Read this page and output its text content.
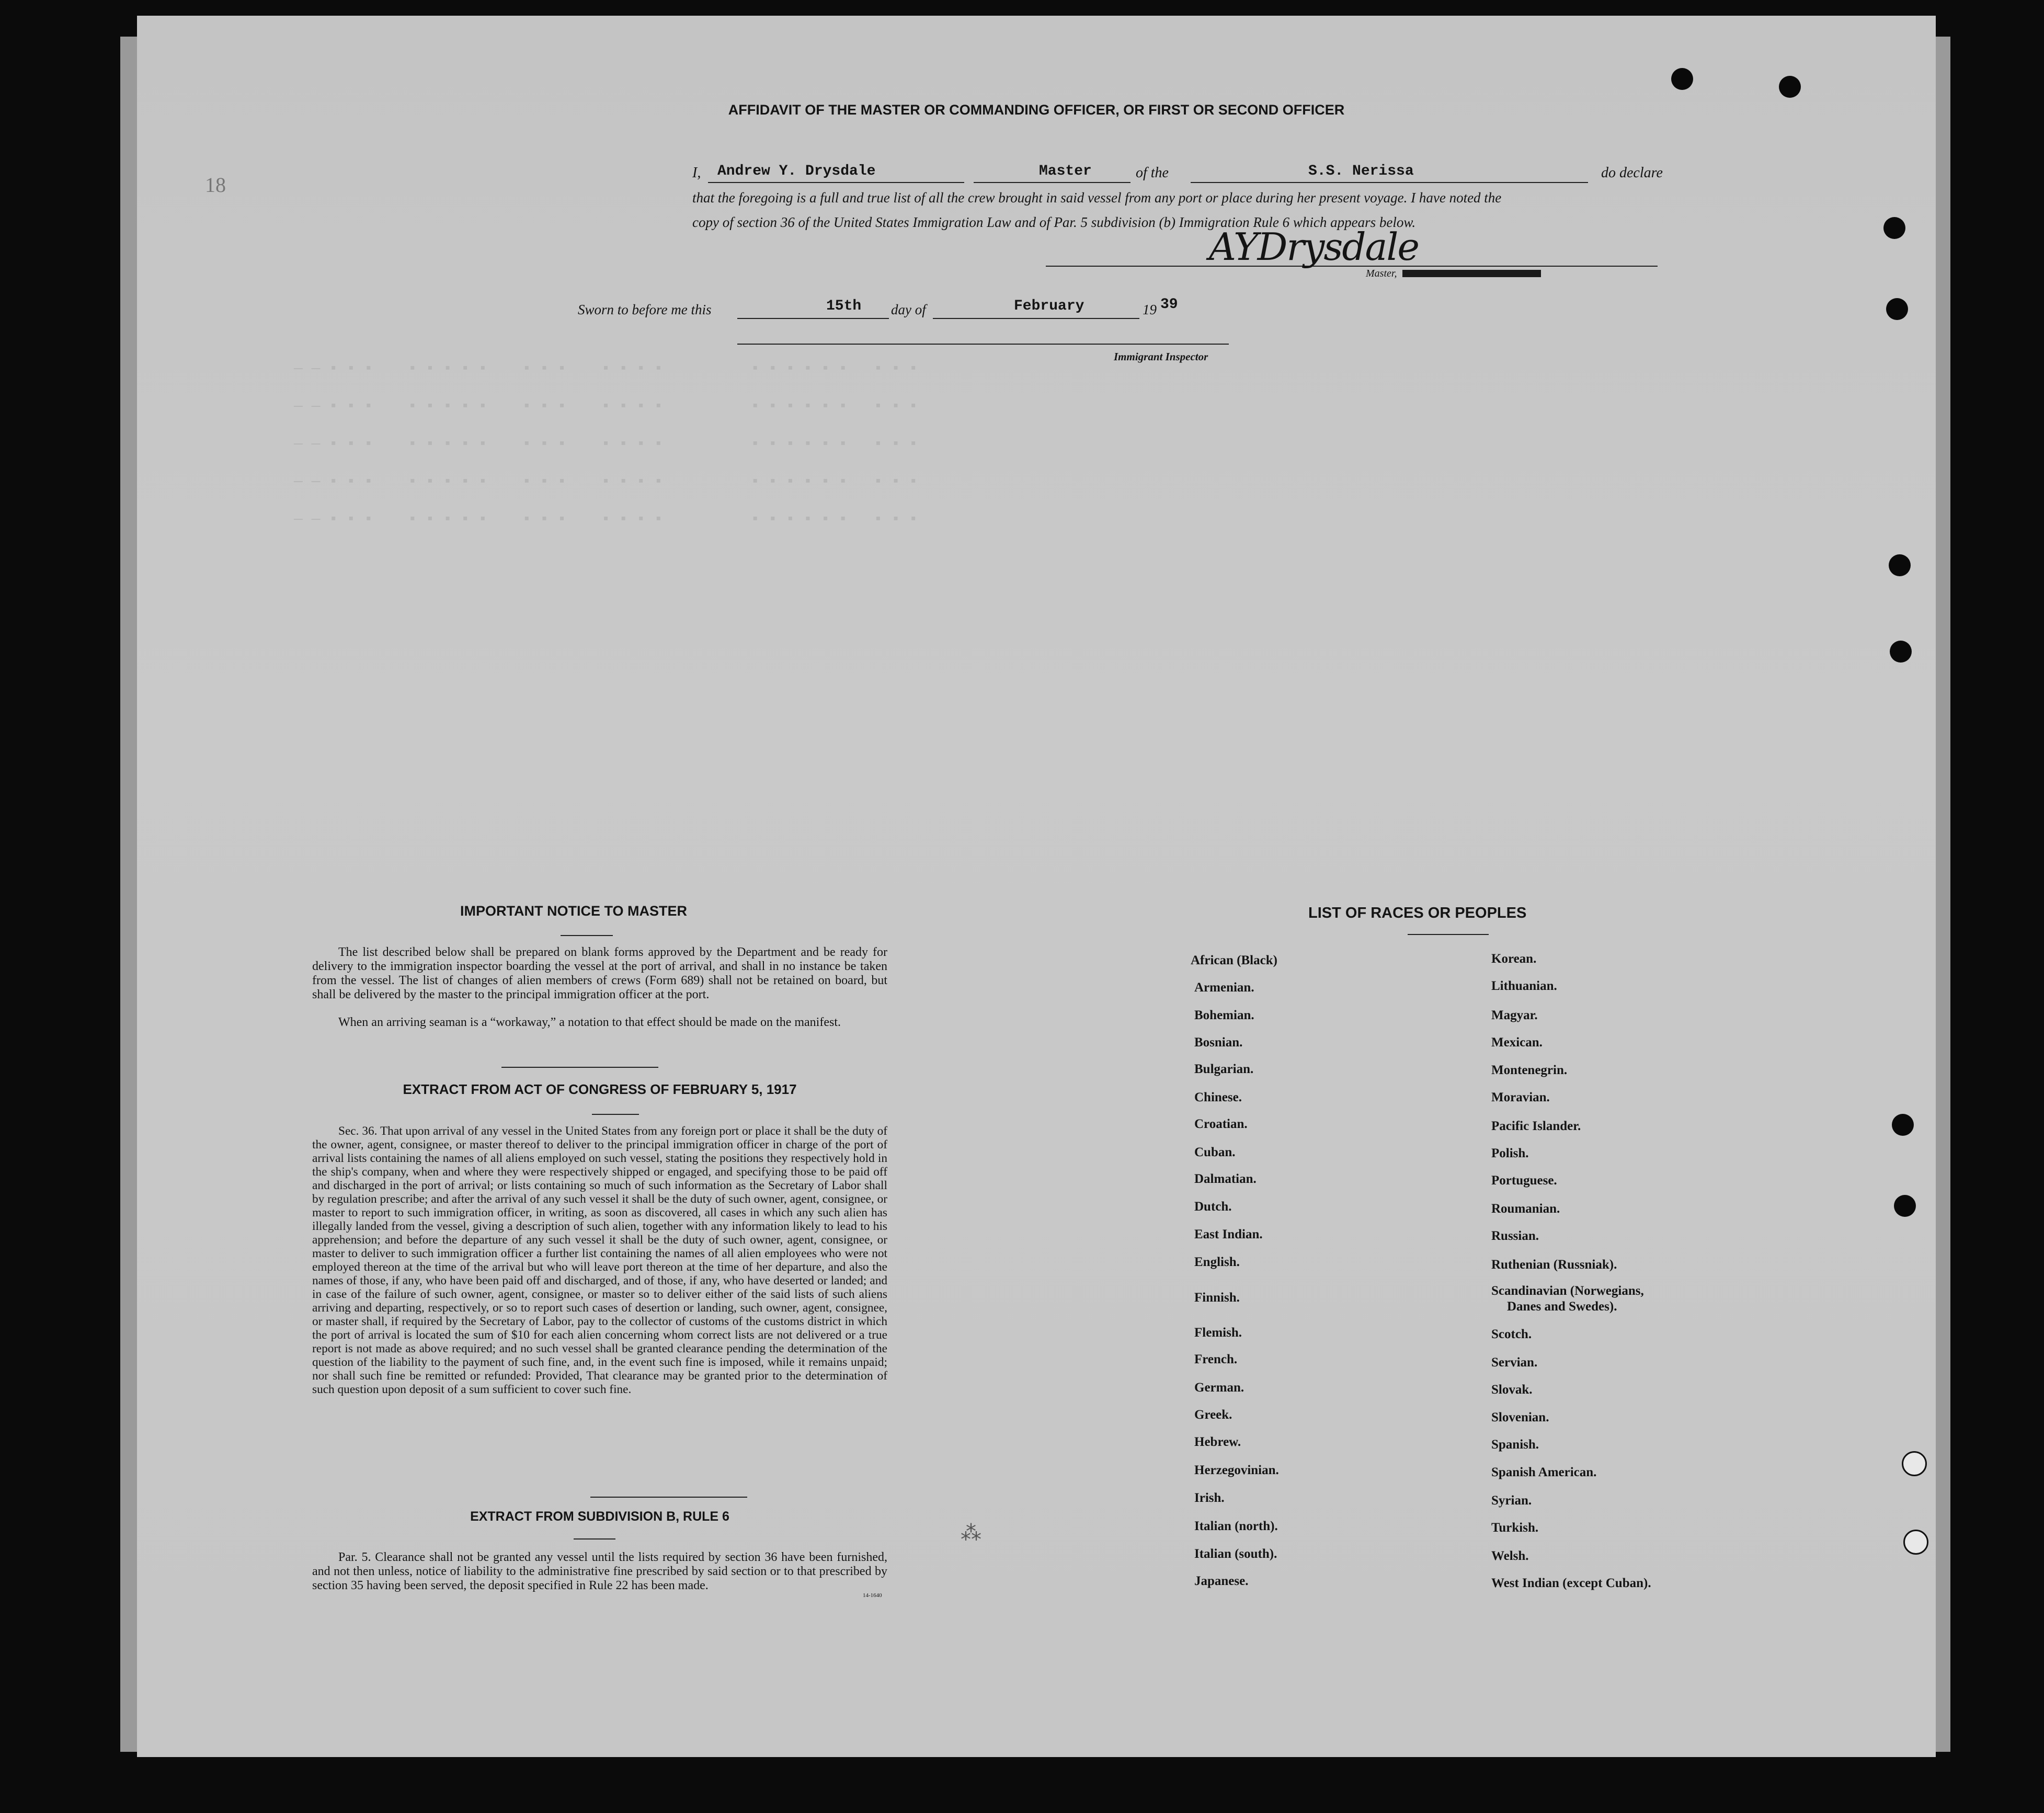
— — ▪ ▪ ▪    ▪ ▪ ▪ ▪ ▪    ▪ ▪ ▪    ▪ ▪ ▪ ▪          ▪ ▪ ▪ ▪ ▪ ▪   ▪ ▪ ▪
— — ▪ ▪ ▪    ▪ ▪ ▪ ▪ ▪    ▪ ▪ ▪    ▪ ▪ ▪ ▪          ▪ ▪ ▪ ▪ ▪ ▪   ▪ ▪ ▪
— — ▪ ▪ ▪    ▪ ▪ ▪ ▪ ▪    ▪ ▪ ▪    ▪ ▪ ▪ ▪          ▪ ▪ ▪ ▪ ▪ ▪   ▪ ▪ ▪
— — ▪ ▪ ▪    ▪ ▪ ▪ ▪ ▪    ▪ ▪ ▪    ▪ ▪ ▪ ▪          ▪ ▪ ▪ ▪ ▪ ▪   ▪ ▪ ▪
— — ▪ ▪ ▪    ▪ ▪ ▪ ▪ ▪    ▪ ▪ ▪    ▪ ▪ ▪ ▪          ▪ ▪ ▪ ▪ ▪ ▪   ▪ ▪ ▪
18
AFFIDAVIT OF THE MASTER OR COMMANDING OFFICER, OR FIRST OR SECOND OFFICER
I, Andrew Y. Drysdale	Master	of the	S.S. Nerissa	do declare
that the foregoing is a full and true list of all the crew brought in said vessel from any port or place during her present voyage. I have noted the
copy of section 36 of the United States Immigration Law and of Par. 5 subdivision (b) Immigration Rule 6 which appears below.
AYDrysdale
Master,
Sworn to before me this	15th day of	February	19 39
Immigrant Inspector
IMPORTANT NOTICE TO MASTER
The list described below shall be prepared on blank forms approved by the Department and be ready for delivery to the immigration inspector boarding the vessel at the port of arrival, and shall in no instance be taken from the vessel. The list of changes of alien members of crews (Form 689) shall not be retained on board, but shall be delivered by the master to the principal immigration officer at the port.
When an arriving seaman is a “workaway,” a notation to that effect should be made on the manifest.
EXTRACT FROM ACT OF CONGRESS OF FEBRUARY 5, 1917
Sec. 36. That upon arrival of any vessel in the United States from any foreign port or place it shall be the duty of the owner, agent, consignee, or master thereof to deliver to the principal immigration officer in charge of the port of arrival lists containing the names of all aliens employed on such vessel, stating the positions they respectively hold in the ship's company, when and where they were respectively shipped or engaged, and specifying those to be paid off and discharged in the port of arrival; or lists containing so much of such information as the Secretary of Labor shall by regulation prescribe; and after the arrival of any such vessel it shall be the duty of such owner, agent, consignee, or master to report to such immigration officer, in writing, as soon as discovered, all cases in which any such alien has illegally landed from the vessel, giving a description of such alien, together with any information likely to lead to his apprehension; and before the departure of any such vessel it shall be the duty of such owner, agent, consignee, or master to deliver to such immigration officer a further list containing the names of all alien employees who were not employed thereon at the time of the arrival but who will leave port thereon at the time of her departure, and also the names of those, if any, who have been paid off and discharged, and of those, if any, who have deserted or landed; and in case of the failure of such owner, agent, consignee, or master so to deliver either of the said lists of such aliens arriving and departing, respectively, or so to report such cases of desertion or landing, such owner, agent, consignee, or master shall, if required by the Secretary of Labor, pay to the collector of customs of the customs district in which the port of arrival is located the sum of $10 for each alien concerning whom correct lists are not delivered or a true report is not made as above required; and no such vessel shall be granted clearance pending the determination of the question of the liability to the payment of such fine, and, in the event such fine is imposed, while it remains unpaid; nor shall such fine be remitted or refunded: Provided, That clearance may be granted prior to the determination of such question upon deposit of a sum sufficient to cover such fine.
EXTRACT FROM SUBDIVISION B, RULE 6
Par. 5. Clearance shall not be granted any vessel until the lists required by section 36 have been furnished, and not then unless, notice of liability to the administrative fine prescribed by said section or to that prescribed by section 35 having been served, the deposit specified in Rule 22 has been made.
14-1640
LIST OF RACES OR PEOPLES
African (Black)
Armenian.
Bohemian.
Bosnian.
Bulgarian.
Chinese.
Croatian.
Cuban.
Dalmatian.
Dutch.
East Indian.
English.
Finnish.
Flemish.
French.
German.
Greek.
Hebrew.
Herzegovinian.
Irish.
Italian (north).
Italian (south).
Japanese.
Korean.
Lithuanian.
Magyar.
Mexican.
Montenegrin.
Moravian.
Pacific Islander.
Polish.
Portuguese.
Roumanian.
Russian.
Ruthenian (Russniak).
Scandinavian (Norwegians,
Danes and Swedes).
Scotch.
Servian.
Slovak.
Slovenian.
Spanish.
Spanish American.
Syrian.
Turkish.
Welsh.
West Indian (except Cuban).
⁂
